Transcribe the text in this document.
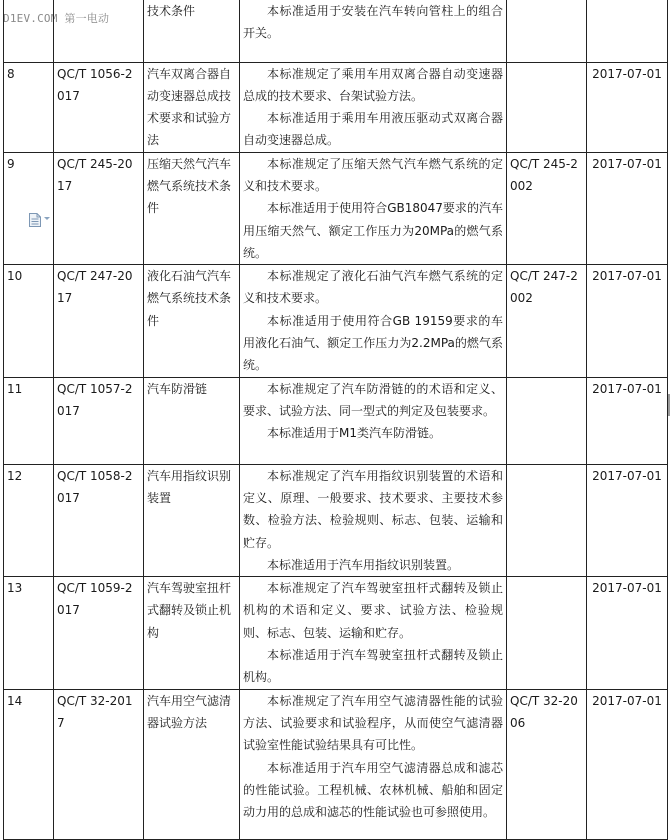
D1EV.COM 第一电动
		技术条件	本标准适用于安装在汽车转向管柱上的组合开关。		

8	QC/T 1056-2017	汽车双离合器自动变速器总成技术要求和试验方法	本标准规定了乘用车用双离合器自动变速器总成的技术要求、台架试验方法。
本标准适用于乘用车用液压驱动式双离合器自动变速器总成。		2017-07-01
9	QC/T 245-2017	压缩天然气汽车燃气系统技术条件	本标准规定了压缩天然气汽车燃气系统的定义和技术要求。
本标准适用于使用符合GB18047要求的汽车用压缩天然气、额定工作压力为20MPa的燃气系统。	QC/T 245-2002	2017-07-01
10	QC/T 247-2017	液化石油气汽车燃气系统技术条件	本标准规定了液化石油气汽车燃气系统的定义和技术要求。
本标准适用于使用符合GB 19159要求的车用液化石油气、额定工作压力为2.2MPa的燃气系统。	QC/T 247-2002	2017-07-01
11	QC/T 1057-2017	汽车防滑链	本标准规定了汽车防滑链的的术语和定义、要求、试验方法、同一型式的判定及包装要求。
本标准适用于M1类汽车防滑链。		2017-07-01
12	QC/T 1058-2017	汽车用指纹识别装置	本标准规定了汽车用指纹识别装置的术语和定义、原理、一般要求、技术要求、主要技术参数、检验方法、检验规则、标志、包装、运输和贮存。
本标准适用于汽车用指纹识别装置。		2017-07-01
13	QC/T 1059-2017	汽车驾驶室扭杆式翻转及锁止机构	本标准规定了汽车驾驶室扭杆式翻转及锁止机构的术语和定义、要求、试验方法、检验规则、标志、包装、运输和贮存。
本标准适用于汽车驾驶室扭杆式翻转及锁止机构。		2017-07-01
14	QC/T 32-2017	汽车用空气滤清器试验方法	本标准规定了汽车用空气滤清器性能的试验方法、试验要求和试验程序，从而使空气滤清器试验室性能试验结果具有可比性。
本标准适用于汽车用空气滤清器总成和滤芯的性能试验。工程机械、农林机械、船舶和固定动力用的总成和滤芯的性能试验也可参照使用。	QC/T 32-2006	2017-07-01
